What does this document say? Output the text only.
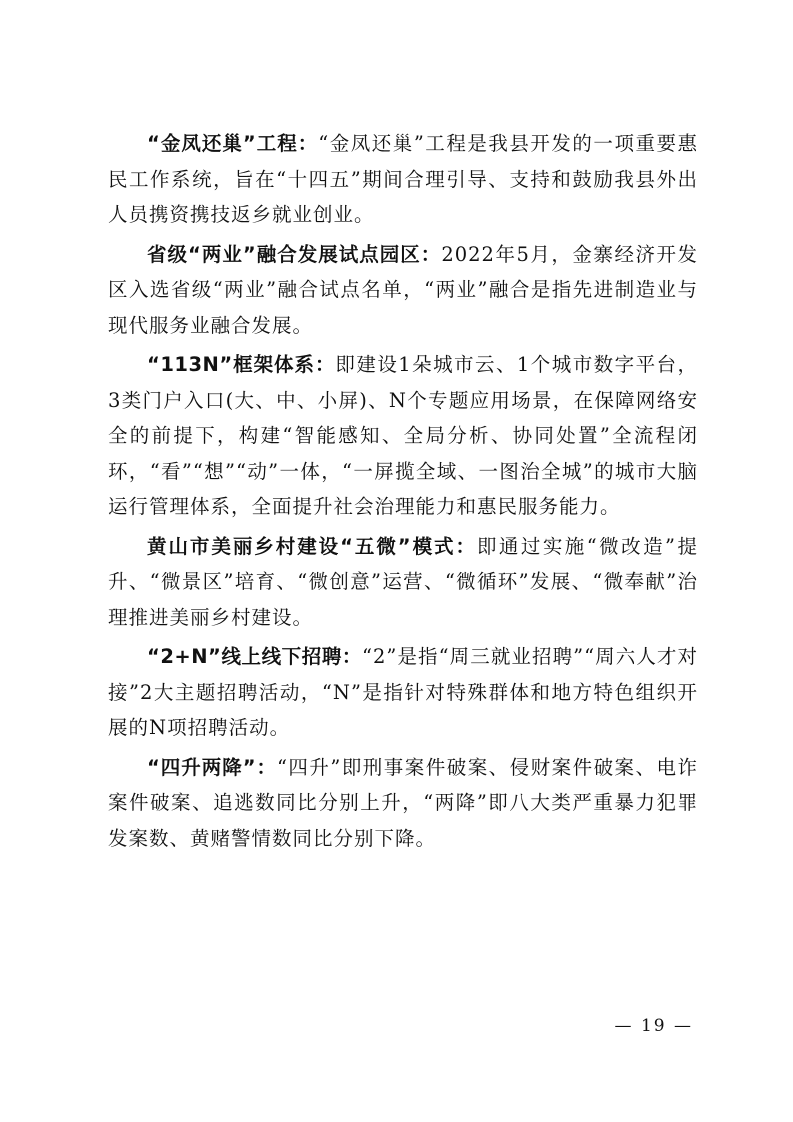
“金凤还巢”工程：“金凤还巢”工程是我县开发的一项重要惠民工作系统，旨在“十四五”期间合理引导、支持和鼓励我县外出人员携资携技返乡就业创业。

省级“两业”融合发展试点园区：2022年5月，金寨经济开发区入选省级“两业”融合试点名单，“两业”融合是指先进制造业与现代服务业融合发展。

“113N”框架体系：即建设1朵城市云、1个城市数字平台，3类门户入口(大、中、小屏)、N个专题应用场景，在保障网络安全的前提下，构建“智能感知、全局分析、协同处置”全流程闭环，“看”“想”“动”一体，“一屏揽全域、一图治全城”的城市大脑运行管理体系，全面提升社会治理能力和惠民服务能力。

黄山市美丽乡村建设“五微”模式：即通过实施“微改造”提升、“微景区”培育、“微创意”运营、“微循环”发展、“微奉献”治理推进美丽乡村建设。

“2+N”线上线下招聘：“2”是指“周三就业招聘”“周六人才对接”2大主题招聘活动，“N”是指针对特殊群体和地方特色组织开展的N项招聘活动。

“四升两降”：“四升”即刑事案件破案、侵财案件破案、电诈案件破案、追逃数同比分别上升，“两降”即八大类严重暴力犯罪发案数、黄赌警情数同比分别下降。

— 19 —
